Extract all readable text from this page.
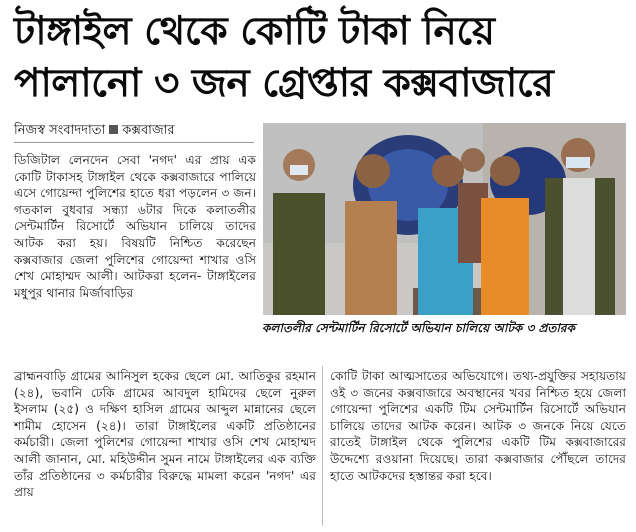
টাঙ্গাইল থেকে কোটি টাকা নিয়ে
পালানো ৩ জন গ্রেপ্তার কক্সবাজারে
নিজস্ব সংবাদদাতা কক্সবাজার

ডিজিটাল লেনদেন সেবা 'নগদ' এর প্রায় এক কোটি টাকাসহ টাঙ্গাইল থেকে কক্সবাজারে পালিয়ে এসে গোয়েন্দা পুলিশের হাতে ধরা পড়লেন ৩ জন। গতকাল বুধবার সন্ধ্যা ৬টার দিকে কলাতলীর সেন্টমার্টিন রিসোর্টে অভিযান চালিয়ে তাদের আটক করা হয়। বিষয়টি নিশ্চিত করেছেন কক্সবাজার জেলা পুলিশের গোয়েন্দা শাখার ওসি শেখ মোহাম্মদ আলী। আটকরা হলেন- টাঙ্গাইলের মধুপুর থানার মির্জাবাড়ির

কলাতলীর সেন্টমার্টিন রিসোর্টে অভিযান চালিয়ে আটক ৩ প্রতারক

ব্রাহ্মনবাড়ি গ্রামের আনিসুল হকের ছেলে মো. আতিকুর রহমান (২৪), ভবানি ঢেকি গ্রামের আবদুল হামিদের ছেলে নুরুল ইসলাম (২৫) ও দক্ষিণ হাসিল গ্রামের আব্দুল মান্নানের ছেলে শামীম হোসেন (২৪)। তারা টাঙ্গাইলের একটি প্রতিষ্ঠানের কর্মচারী। জেলা পুলিশের গোয়েন্দা শাখার ওসি শেখ মোহাম্মদ আলী জানান, মো. মহিউদ্দীন সুমন নামে টাঙ্গাইলের এক ব্যক্তি তাঁর প্রতিষ্ঠানের ৩ কর্মচারীর বিরুদ্ধে মামলা করেন 'নগদ' এর প্রায়

কোটি টাকা আত্মসাতের অভিযোগে। তথ্য-প্রযুক্তির সহায়তায় ওই ৩ জনের কক্সবাজারে অবস্থানের খবর নিশ্চিত হয়ে জেলা গোয়েন্দা পুলিশের একটি টিম সেন্টমার্টিন রিসোর্টে অভিযান চালিয়ে তাদের আটক করেন। আটক ৩ জনকে নিয়ে যেতে রাতেই টাঙ্গাইল থেকে পুলিশের একটি টিম কক্সবাজারের উদ্দেশ্যে রওয়ানা দিয়েছে। তারা কক্সবাজার পৌঁছলে তাদের হাতে আটকদের হস্তান্তর করা হবে।
